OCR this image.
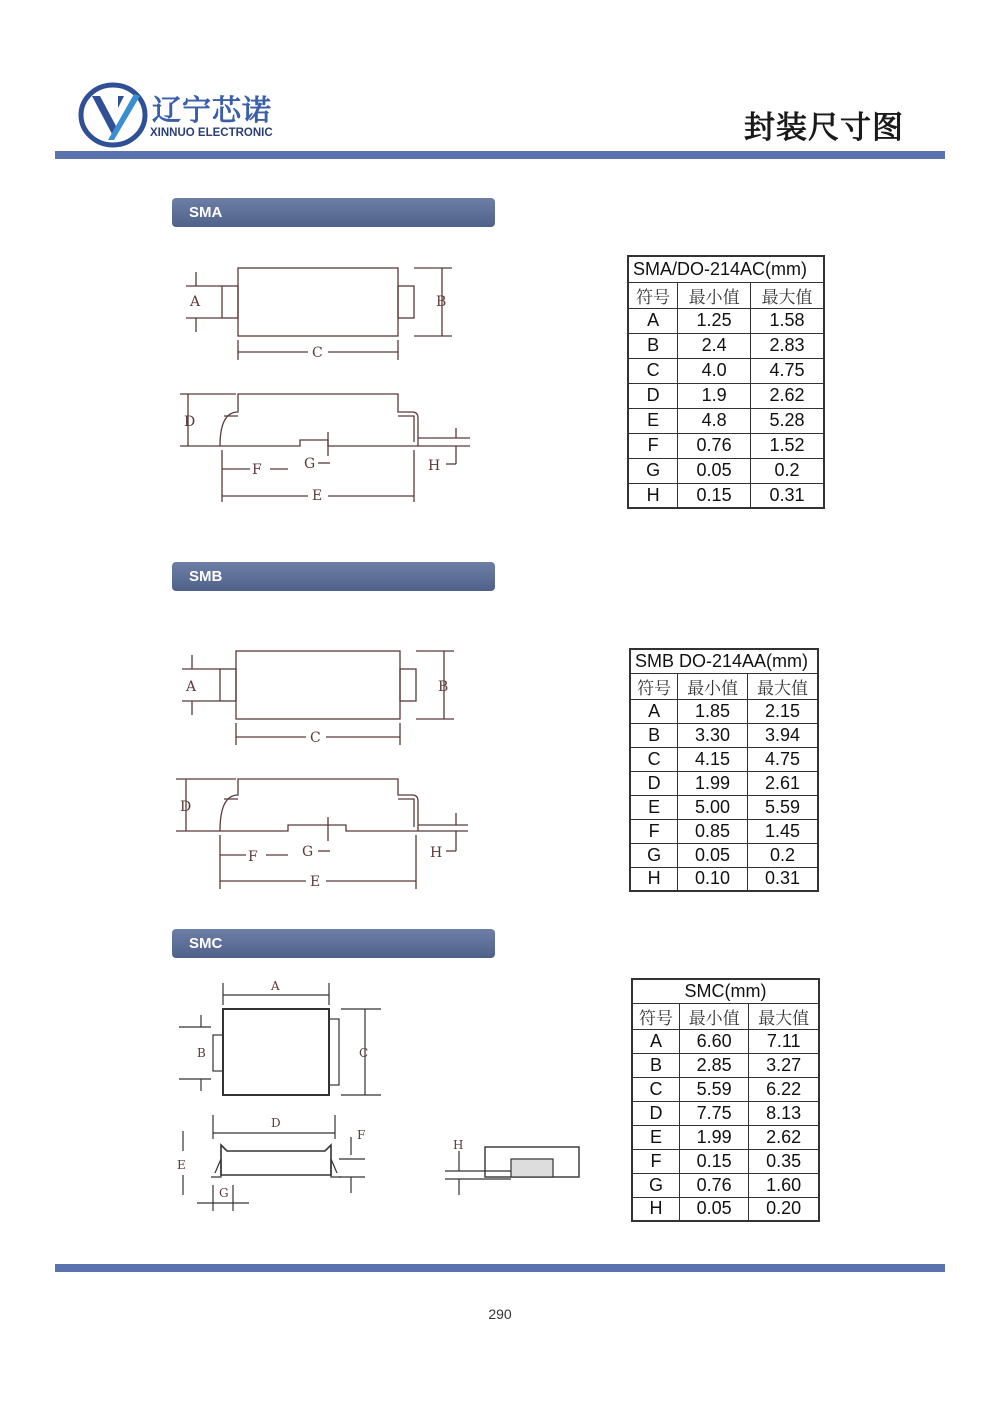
辽宁芯诺
XINNUO ELECTRONIC	封装尺寸图
SMA
A	B
C
D
E
F	G	H
SMA/DO-214AC(mm)		
符号	最小值	最大值
A	1.25	1.58
B	2.4	2.83
C	4.0	4.75
D	1.9	2.62
E	4.8	5.28
F	0.76	1.52
G	0.05	0.2
H	0.15	0.31
SMB
A	B
C
D
E
F	G	H
SMB DO-214AA(mm)		
符号	最小值	最大值
A	1.85	2.15
B	3.30	3.94
C	4.15	4.75
D	1.99	2.61
E	5.00	5.59
F	0.85	1.45
G	0.05	0.2
H	0.10	0.31
SMC
A
B	C
D
E
F
G
H
SMC(mm)		
符号	最小值	最大值
A	6.60	7.11
B	2.85	3.27
C	5.59	6.22
D	7.75	8.13
E	1.99	2.62
F	0.15	0.35
G	0.76	1.60
H	0.05	0.20
290
